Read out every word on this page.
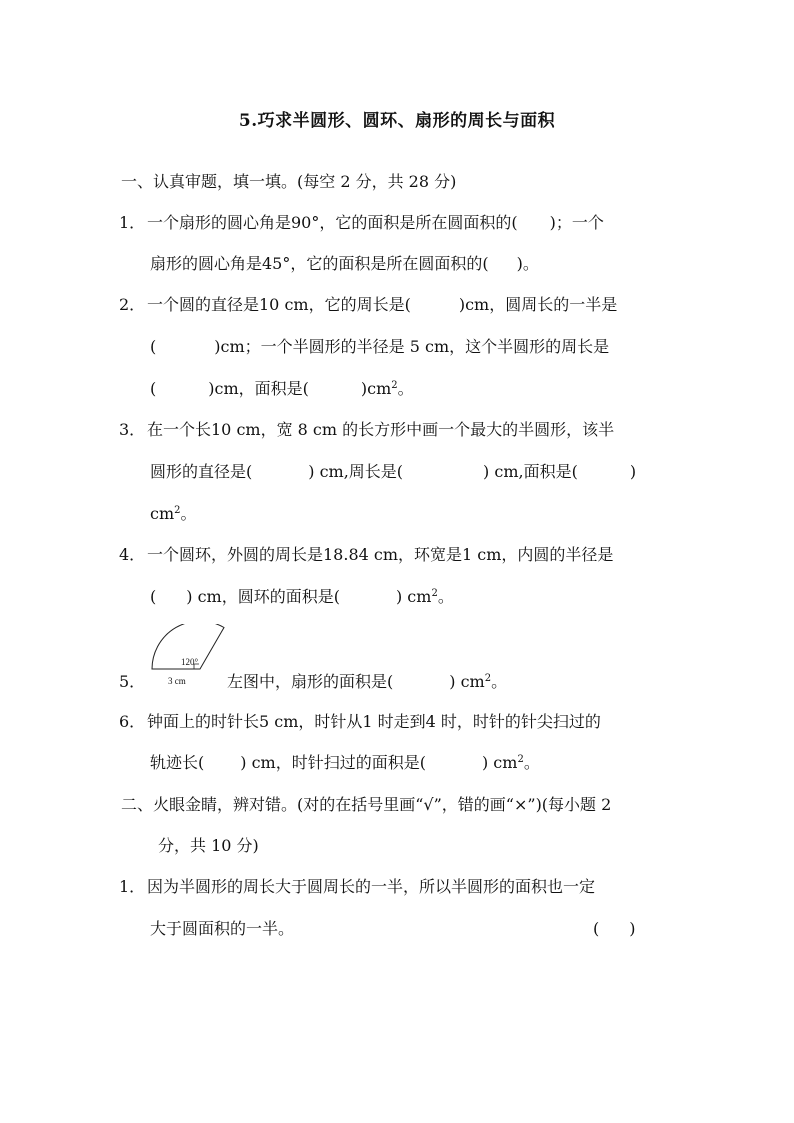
5.巧求半圆形、圆环、扇形的周长与面积
一、认真审题，填一填。(每空 2 分，共 28 分)
1． 一个扇形的圆心角是90°，它的面积是所在圆面积的( )；一个
扇形的圆心角是45°，它的面积是所在圆面积的( )。
2． 一个圆的直径是10 cm，它的周长是(	)cm，圆周长的一半是
(	)cm；一个半圆形的半径是 5 cm，这个半圆形的周长是
(	)cm，面积是(	)$cm^2$。
3． 在一个长10 cm，宽 8 cm 的长方形中画一个最大的半圆形，该半
圆形的直径是(	) cm,周长是(	) cm,面积是(	)
$cm^2$。
4． 一个圆环，外圆的周长是18.84 cm，环宽是1 cm，内圆的半径是
( ) cm，圆环的面积是(	) $cm^2$。
120°
3 cm
5．	左图中，扇形的面积是(	) $cm^2$。
6． 钟面上的时针长5 cm，时针从1 时走到4 时，时针的针尖扫过的
轨迹长( ) cm，时针扫过的面积是(	) $cm^2$。
二、火眼金睛，辨对错。(对的在括号里画“√”，错的画“×”)(每小题 2
分，共 10 分)
1． 因为半圆形的周长大于圆周长的一半，所以半圆形的面积也一定
大于圆面积的一半。	( )
